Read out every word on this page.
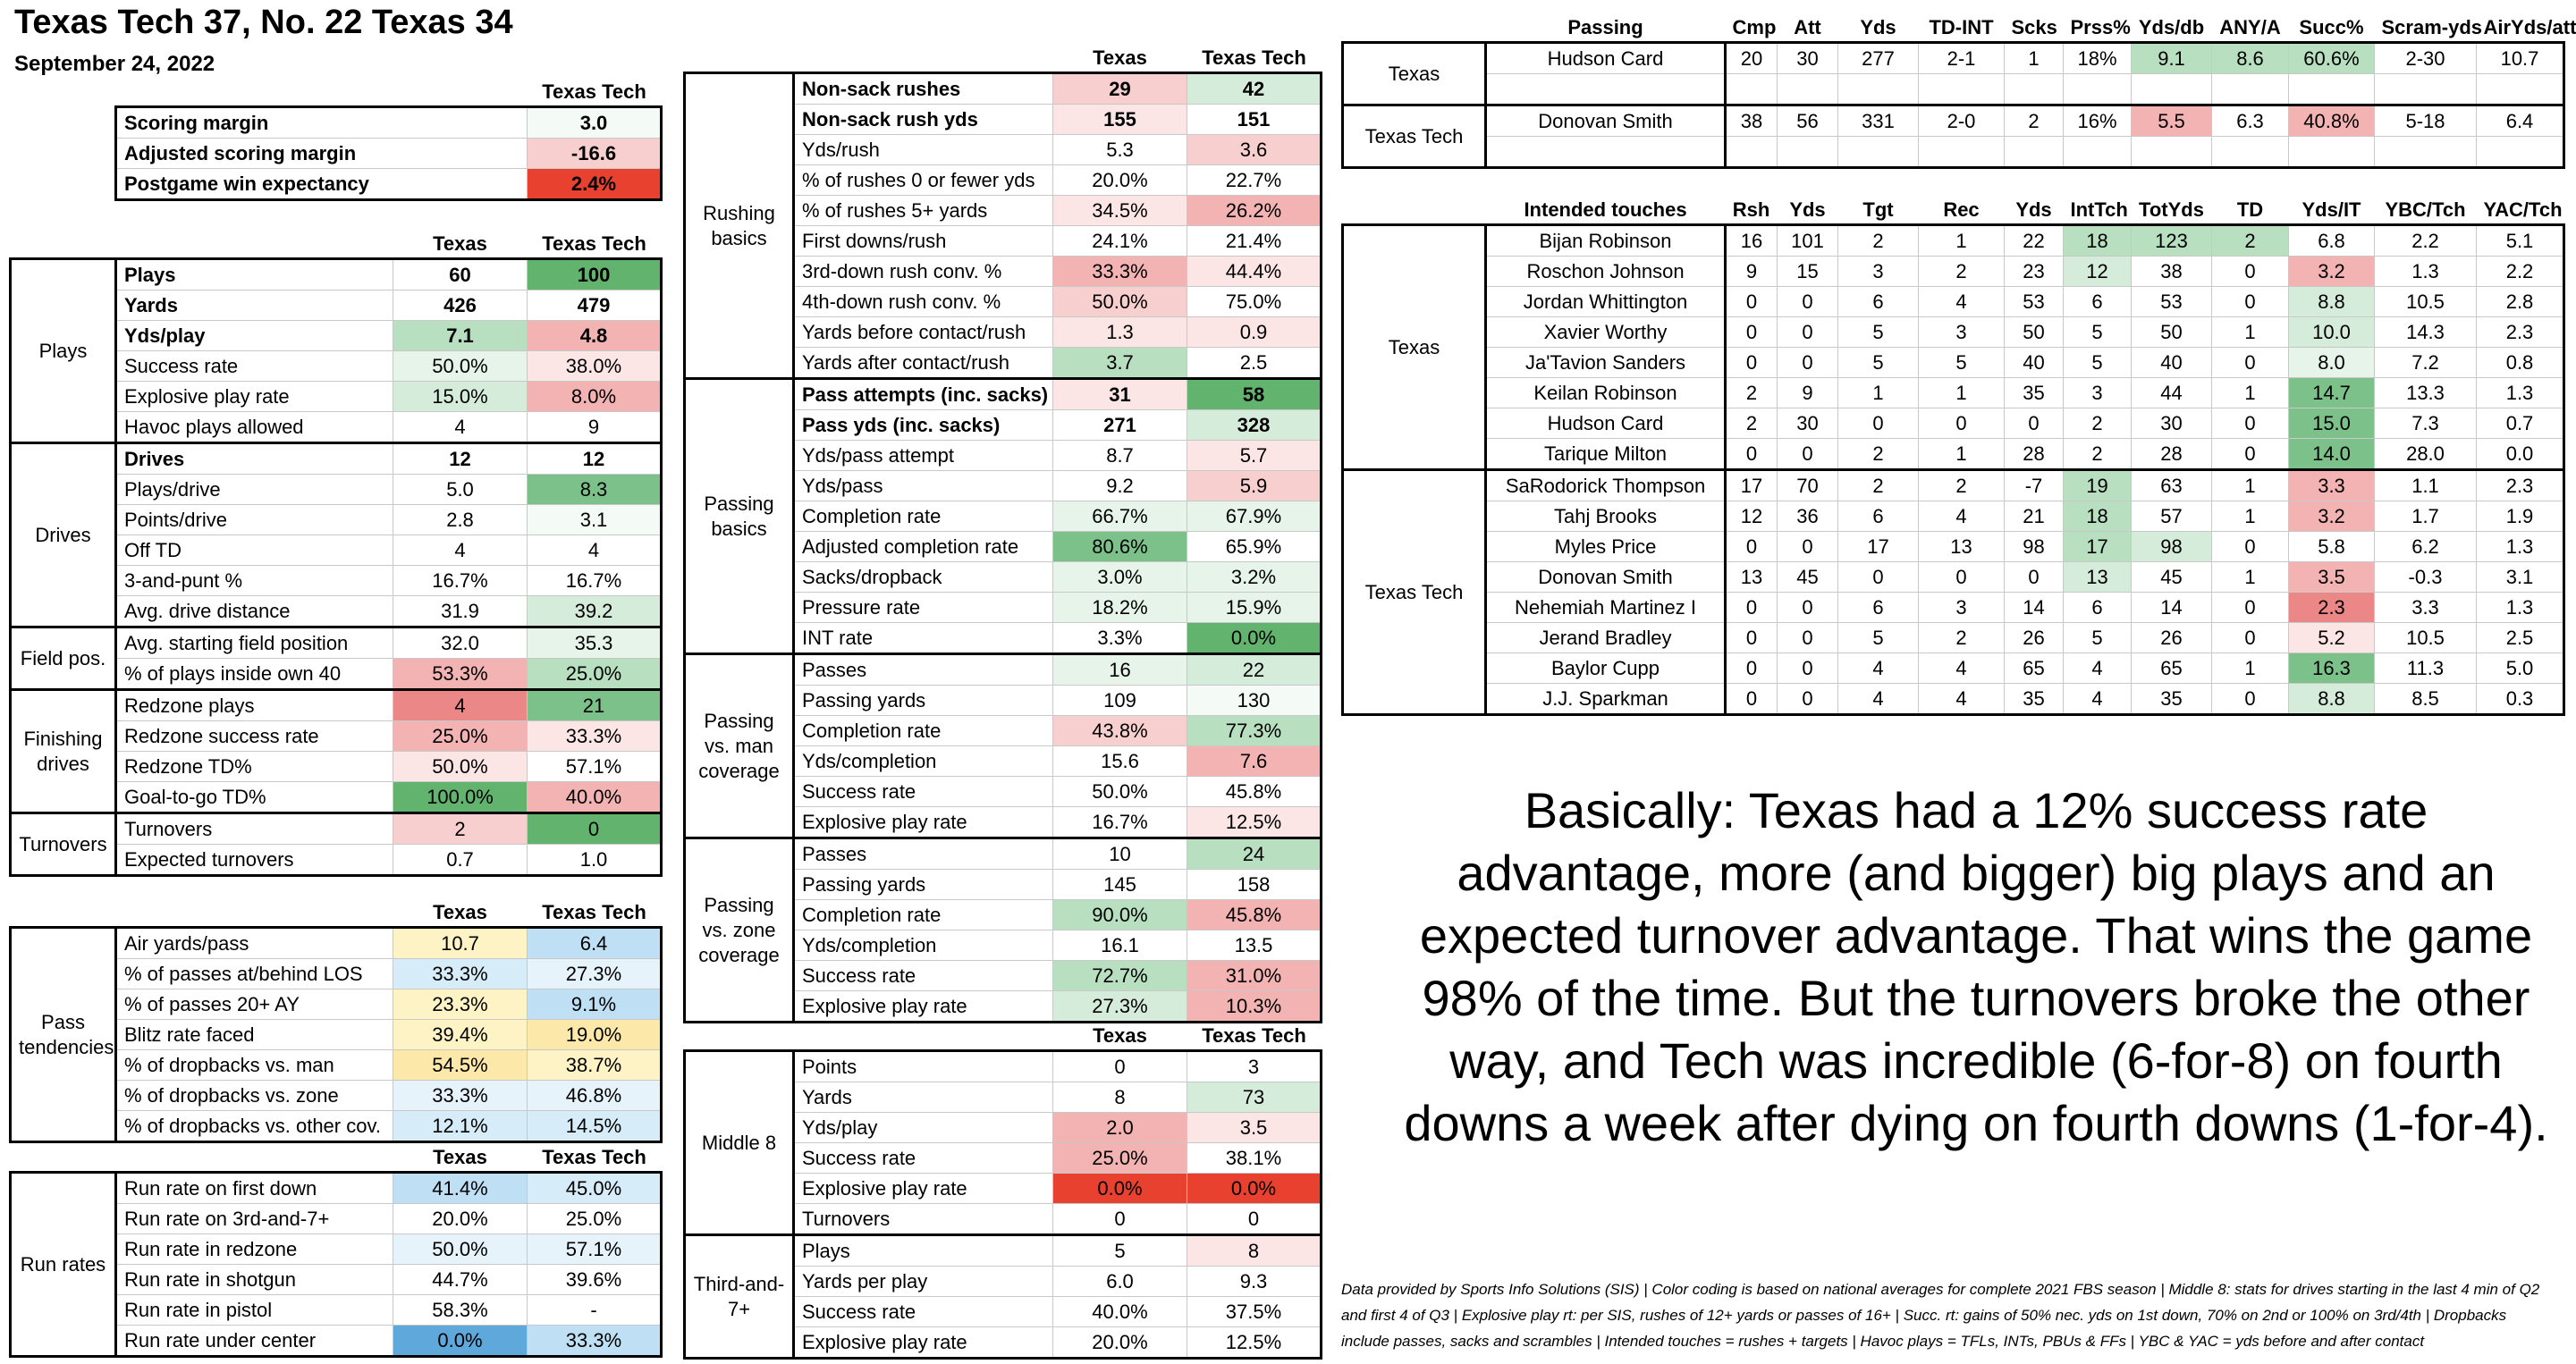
Texas Tech 37, No. 22 Texas 34
September 24, 2022
	Texas Tech
Scoring margin	3.0
Adjusted scoring margin	-16.6
Postgame win expectancy	2.4%
		Texas	Texas Tech
Plays	Plays	60	100
	Yards	426	479
	Yds/play	7.1	4.8
	Success rate	50.0%	38.0%
	Explosive play rate	15.0%	8.0%
	Havoc plays allowed	4	9
Drives	Drives	12	12
	Plays/drive	5.0	8.3
	Points/drive	2.8	3.1
	Off TD	4	4
	3-and-punt %	16.7%	16.7%
	Avg. drive distance	31.9	39.2
Field pos.	Avg. starting field position	32.0	35.3
	% of plays inside own 40	53.3%	25.0%
Finishing drives	Redzone plays	4	21
	Redzone success rate	25.0%	33.3%
	Redzone TD%	50.0%	57.1%
	Goal-to-go TD%	100.0%	40.0%
Turnovers	Turnovers	2	0
	Expected turnovers	0.7	1.0
		Texas	Texas Tech
Pass tendencies	Air yards/pass	10.7	6.4
	% of passes at/behind LOS	33.3%	27.3%
	% of passes 20+ AY	23.3%	9.1%
	Blitz rate faced	39.4%	19.0%
	% of dropbacks vs. man	54.5%	38.7%
	% of dropbacks vs. zone	33.3%	46.8%
	% of dropbacks vs. other cov.	12.1%	14.5%
		Texas	Texas Tech
Run rates	Run rate on first down	41.4%	45.0%
	Run rate on 3rd-and-7+	20.0%	25.0%
	Run rate in redzone	50.0%	57.1%
	Run rate in shotgun	44.7%	39.6%
	Run rate in pistol	58.3%	-
	Run rate under center	0.0%	33.3%
		Texas	Texas Tech
Rushing basics	Non-sack rushes	29	42
	Non-sack rush yds	155	151
	Yds/rush	5.3	3.6
	% of rushes 0 or fewer yds	20.0%	22.7%
	% of rushes 5+ yards	34.5%	26.2%
	First downs/rush	24.1%	21.4%
	3rd-down rush conv. %	33.3%	44.4%
	4th-down rush conv. %	50.0%	75.0%
	Yards before contact/rush	1.3	0.9
	Yards after contact/rush	3.7	2.5
Passing basics	Pass attempts (inc. sacks)	31	58
	Pass yds (inc. sacks)	271	328
	Yds/pass attempt	8.7	5.7
	Yds/pass	9.2	5.9
	Completion rate	66.7%	67.9%
	Adjusted completion rate	80.6%	65.9%
	Sacks/dropback	3.0%	3.2%
	Pressure rate	18.2%	15.9%
	INT rate	3.3%	0.0%
Passing vs. man coverage	Passes	16	22
	Passing yards	109	130
	Completion rate	43.8%	77.3%
	Yds/completion	15.6	7.6
	Success rate	50.0%	45.8%
	Explosive play rate	16.7%	12.5%
Passing vs. zone coverage	Passes	10	24
	Passing yards	145	158
	Completion rate	90.0%	45.8%
	Yds/completion	16.1	13.5
	Success rate	72.7%	31.0%
	Explosive play rate	27.3%	10.3%
		Texas	Texas Tech
Middle 8	Points	0	3
	Yards	8	73
	Yds/play	2.0	3.5
	Success rate	25.0%	38.1%
	Explosive play rate	0.0%	0.0%
	Turnovers	0	0
Third-and-7+	Plays	5	8
	Yards per play	6.0	9.3
	Success rate	40.0%	37.5%
	Explosive play rate	20.0%	12.5%
	Passing	Cmp	Att	Yds	TD-INT	Scks	Prss%	Yds/db	ANY/A	Succ%	Scram-yds	AirYds/att
Texas	Hudson Card	20	30	277	2-1	1	18%	9.1	8.6	60.6%	2-30	10.7

Texas Tech	Donovan Smith	38	56	331	2-0	2	16%	5.5	6.3	40.8%	5-18	6.4

	Intended touches	Rsh	Yds	Tgt	Rec	Yds	IntTch	TotYds	TD	Yds/IT	YBC/Tch	YAC/Tch
Texas	Bijan Robinson	16	101	2	1	22	18	123	2	6.8	2.2	5.1
	Roschon Johnson	9	15	3	2	23	12	38	0	3.2	1.3	2.2
	Jordan Whittington	0	0	6	4	53	6	53	0	8.8	10.5	2.8
	Xavier Worthy	0	0	5	3	50	5	50	1	10.0	14.3	2.3
	Ja'Tavion Sanders	0	0	5	5	40	5	40	0	8.0	7.2	0.8
	Keilan Robinson	2	9	1	1	35	3	44	1	14.7	13.3	1.3
	Hudson Card	2	30	0	0	0	2	30	0	15.0	7.3	0.7
	Tarique Milton	0	0	2	1	28	2	28	0	14.0	28.0	0.0
Texas Tech	SaRodorick Thompson	17	70	2	2	-7	19	63	1	3.3	1.1	2.3
	Tahj Brooks	12	36	6	4	21	18	57	1	3.2	1.7	1.9
	Myles Price	0	0	17	13	98	17	98	0	5.8	6.2	1.3
	Donovan Smith	13	45	0	0	0	13	45	1	3.5	-0.3	3.1
	Nehemiah Martinez I	0	0	6	3	14	6	14	0	2.3	3.3	1.3
	Jerand Bradley	0	0	5	2	26	5	26	0	5.2	10.5	2.5
	Baylor Cupp	0	0	4	4	65	4	65	1	16.3	11.3	5.0
	J.J. Sparkman	0	0	4	4	35	4	35	0	8.8	8.5	0.3
Basically: Texas had a 12% success rate advantage, more (and bigger) big plays and an expected turnover advantage. That wins the game 98% of the time. But the turnovers broke the other way, and Tech was incredible (6-for-8) on fourth downs a week after dying on fourth downs (1-for-4).
Data provided by Sports Info Solutions (SIS) | Color coding is based on national averages for complete 2021 FBS season | Middle 8: stats for drives starting in the last 4 min of Q2 and first 4 of Q3 | Explosive play rt: per SIS, rushes of 12+ yards or passes of 16+ | Succ. rt: gains of 50% nec. yds on 1st down, 70% on 2nd or 100% on 3rd/4th | Dropbacks include passes, sacks and scrambles | Intended touches = rushes + targets | Havoc plays = TFLs, INTs, PBUs & FFs | YBC & YAC = yds before and after contact
